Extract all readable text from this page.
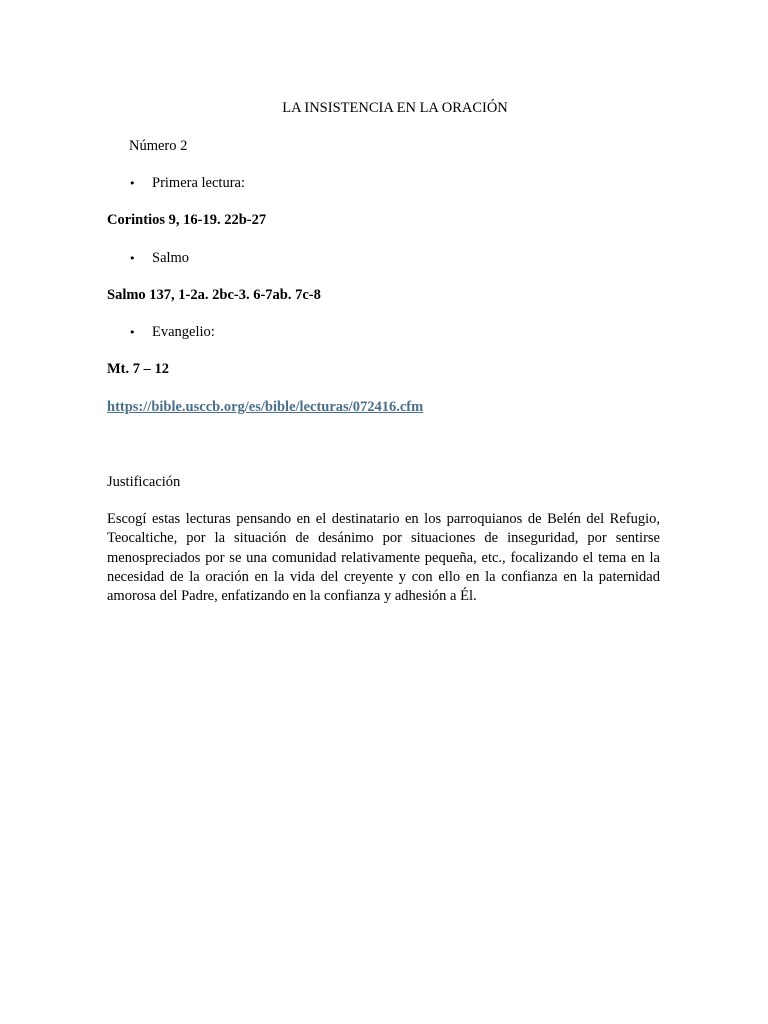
LA INSISTENCIA EN LA ORACIÓN
Número 2
• Primera lectura:
Corintios 9, 16-19. 22b-27
• Salmo
Salmo 137, 1-2a. 2bc-3. 6-7ab. 7c-8
• Evangelio:
Mt. 7 – 12
https://bible.usccb.org/es/bible/lecturas/072416.cfm
Justificación
Escogí estas lecturas pensando en el destinatario en los parroquianos de Belén del Refugio, Teocaltiche, por la situación de desánimo por situaciones de inseguridad, por sentirse menospreciados por se una comunidad relativamente pequeña, etc., focalizando el tema en la necesidad de la oración en la vida del creyente y con ello en la confianza en la paternidad amorosa del Padre, enfatizando en la confianza y adhesión a Él.
